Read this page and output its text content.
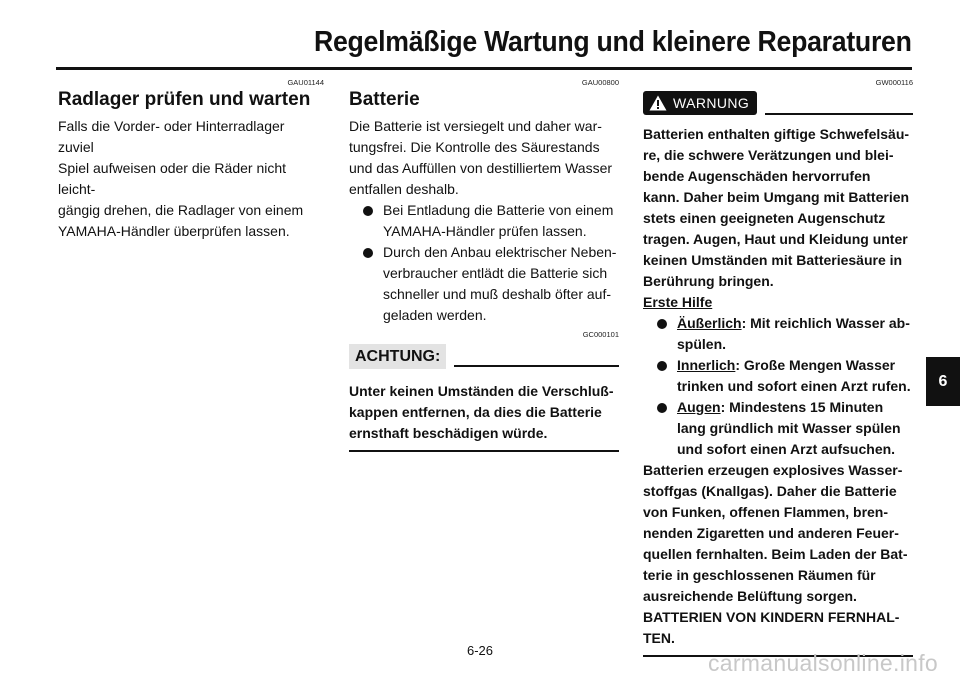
Regelmäßige Wartung und kleinere Reparaturen
GAU01144
Radlager prüfen und warten

Falls die Vorder- oder Hinterradlager zuviel
Spiel aufweisen oder die Räder nicht leicht-
gängig drehen, die Radlager von einem
YAMAHA-Händler überprüfen lassen.

GAU00800
Batterie

Die Batterie ist versiegelt und daher war-
tungsfrei. Die Kontrolle des Säurestands
und das Auffüllen von destilliertem Wasser
entfallen deshalb.

Bei Entladung die Batterie von einem
YAMAHA-Händler prüfen lassen.
Durch den Anbau elektrischer Neben-
verbraucher entlädt die Batterie sich
schneller und muß deshalb öfter auf-
geladen werden.
GC000101
ACHTUNG:

Unter keinen Umständen die Verschluß-
kappen entfernen, da dies die Batterie
ernsthaft beschädigen würde.

GW000116
WARNUNG

Batterien enthalten giftige Schwefelsäu-
re, die schwere Verätzungen und blei-
bende Augenschäden hervorrufen
kann. Daher beim Umgang mit Batterien
stets einen geeigneten Augenschutz
tragen. Augen, Haut und Kleidung unter
keinen Umständen mit Batteriesäure in
Berührung bringen.

Erste Hilfe
Äußerlich: Mit reichlich Wasser ab-
spülen.
Innerlich: Große Mengen Wasser
trinken und sofort einen Arzt rufen.
Augen: Mindestens 15 Minuten
lang gründlich mit Wasser spülen
und sofort einen Arzt aufsuchen.

Batterien erzeugen explosives Wasser-
stoffgas (Knallgas). Daher die Batterie
von Funken, offenen Flammen, bren-
nenden Zigaretten und anderen Feuer-
quellen fernhalten. Beim Laden der Bat-
terie in geschlossenen Räumen für
ausreichende Belüftung sorgen.
BATTERIEN VON KINDERN FERNHAL-
TEN.

6
6-26	carmanualsonline.info
